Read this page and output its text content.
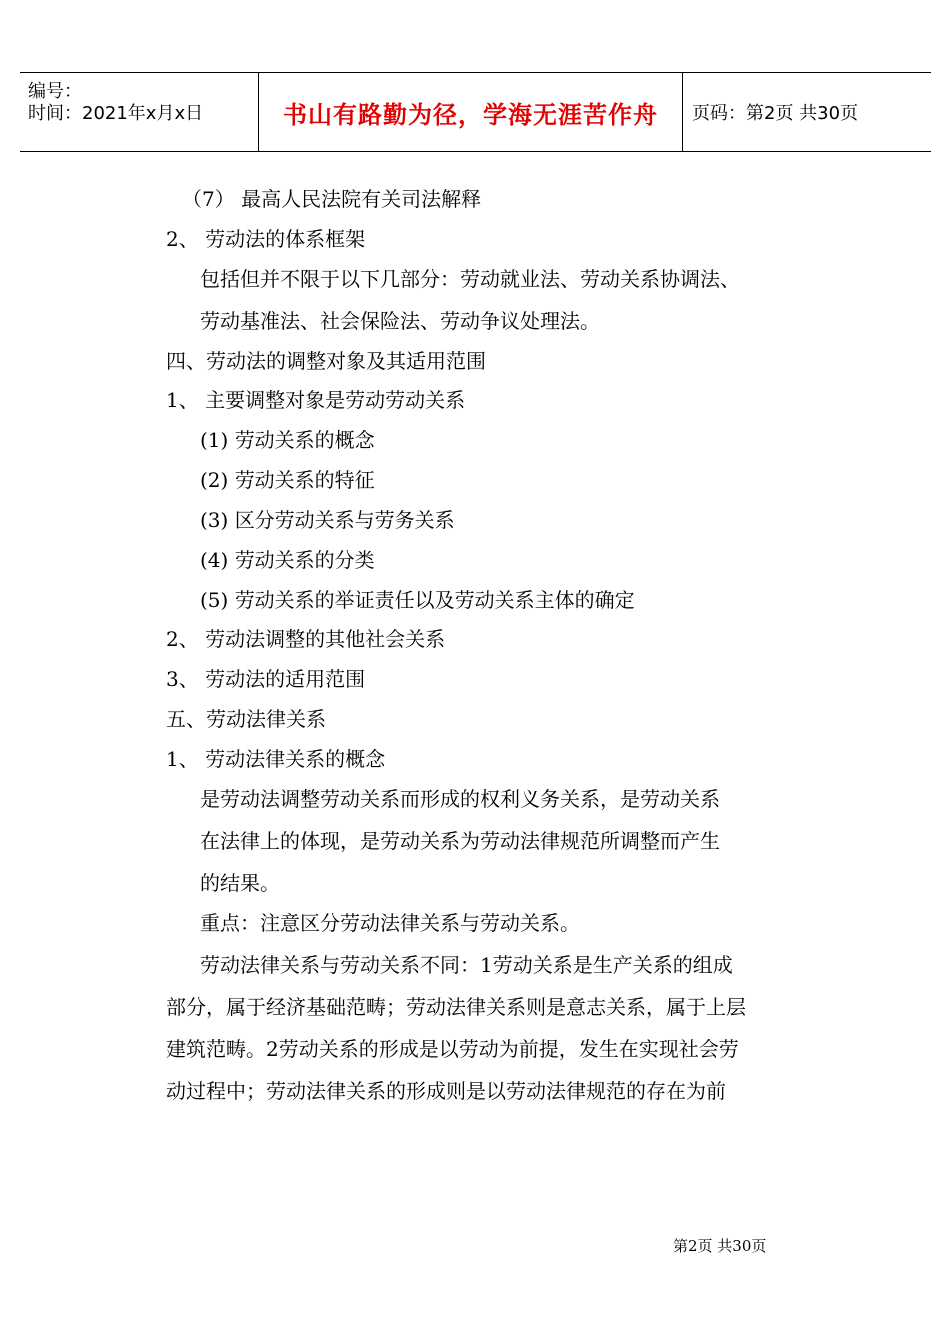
编号：
时间：2021年x月x日	书山有路勤为径，学海无涯苦作舟	页码：第2页 共30页
（7） 最高人民法院有关司法解释
2、 劳动法的体系框架
包括但并不限于以下几部分：劳动就业法、劳动关系协调法、
劳动基准法、社会保险法、劳动争议处理法。
四、劳动法的调整对象及其适用范围
1、 主要调整对象是劳动劳动关系
(1) 劳动关系的概念
(2) 劳动关系的特征
(3) 区分劳动关系与劳务关系
(4) 劳动关系的分类
(5) 劳动关系的举证责任以及劳动关系主体的确定
2、 劳动法调整的其他社会关系
3、 劳动法的适用范围
五、劳动法律关系
1、 劳动法律关系的概念
是劳动法调整劳动关系而形成的权利义务关系，是劳动关系
在法律上的体现，是劳动关系为劳动法律规范所调整而产生
的结果。
重点：注意区分劳动法律关系与劳动关系。
劳动法律关系与劳动关系不同：1劳动关系是生产关系的组成
部分，属于经济基础范畴；劳动法律关系则是意志关系，属于上层
建筑范畴。2劳动关系的形成是以劳动为前提，发生在实现社会劳
动过程中；劳动法律关系的形成则是以劳动法律规范的存在为前
第2页 共30页
